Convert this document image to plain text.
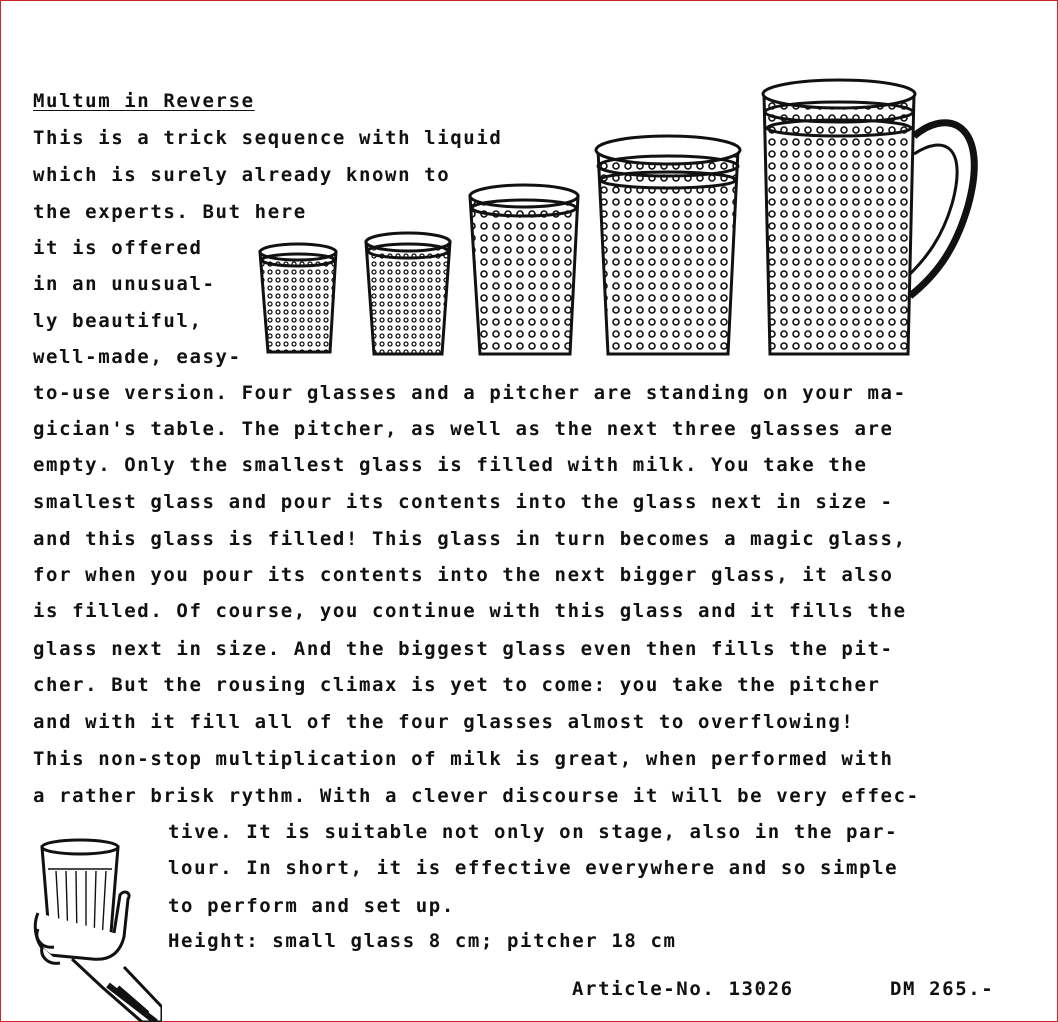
Multum in Reverse
This is a trick sequence with liquid
which is surely already known to
the experts. But here
it is offered
in an unusual-
ly beautiful,
well-made, easy-
to-use version. Four glasses and a pitcher are standing on your ma-
gician's table. The pitcher, as well as the next three glasses are
empty. Only the smallest glass is filled with milk. You take the
smallest glass and pour its contents into the glass next in size -
and this glass is filled! This glass in turn becomes a magic glass,
for when you pour its contents into the next bigger glass, it also
is filled. Of course, you continue with this glass and it fills the
glass next in size. And the biggest glass even then fills the pit-
cher. But the rousing climax is yet to come: you take the pitcher
and with it fill all of the four glasses almost to overflowing!
This non-stop multiplication of milk is great, when performed with
a rather brisk rythm. With a clever discourse it will be very effec-
tive. It is suitable not only on stage, also in the par-
lour. In short, it is effective everywhere and so simple
to perform and set up.
Height: small glass 8 cm; pitcher 18 cm
Article-No. 13026	DM 265.-
